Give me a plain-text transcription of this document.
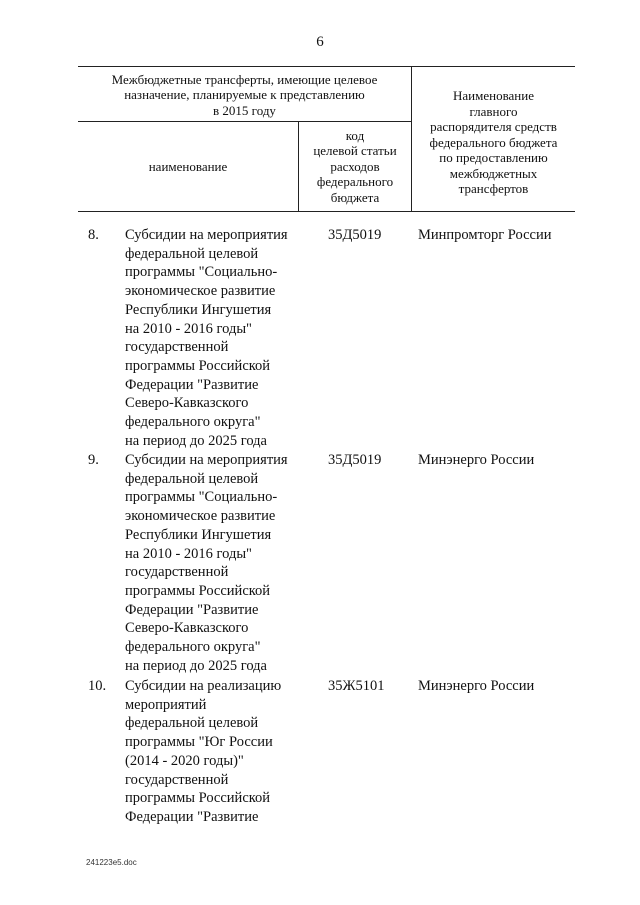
6
Межбюджетные трансферты, имеющие целевое
назначение, планируемые к представлению
в 2015 году
наименование
код
целевой статьи
расходов
федерального
бюджета
Наименование
главного
распорядителя средств
федерального бюджета
по предоставлению
межбюджетных
трансфертов
8.	Субсидии на мероприятия
федеральной целевой
программы "Социально-
экономическое развитие
Республики Ингушетия
на 2010 - 2016 годы"
государственной
программы Российской
Федерации "Развитие
Северо-Кавказского
федерального округа"
на период до 2025 года
35Д5019	Минпромторг России
9.	Субсидии на мероприятия
федеральной целевой
программы "Социально-
экономическое развитие
Республики Ингушетия
на 2010 - 2016 годы"
государственной
программы Российской
Федерации "Развитие
Северо-Кавказского
федерального округа"
на период до 2025 года
35Д5019	Минэнерго России
10.	Субсидии на реализацию
мероприятий
федеральной целевой
программы "Юг России
(2014 - 2020 годы)"
государственной
программы Российской
Федерации "Развитие
35Ж5101	Минэнерго России
241223e5.doc
